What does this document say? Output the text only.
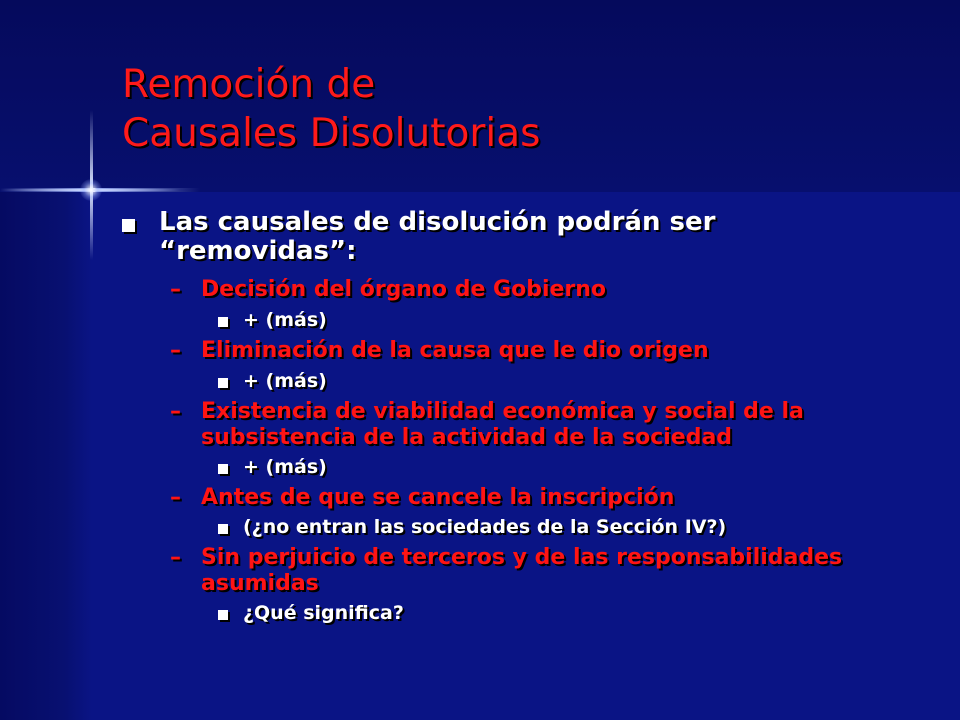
Remoción de
Causales Disolutorias
Las causales de disolución podrán ser “removidas”:
– Decisión del órgano de Gobierno
+ (más)
– Eliminación de la causa que le dio origen
+ (más)
– Existencia de viabilidad económica y social de la subsistencia de la actividad de la sociedad
+ (más)
– Antes de que se cancele la inscripción
(¿no entran las sociedades de la Sección IV?)
– Sin perjuicio de terceros y de las responsabilidades asumidas
¿Qué significa?
